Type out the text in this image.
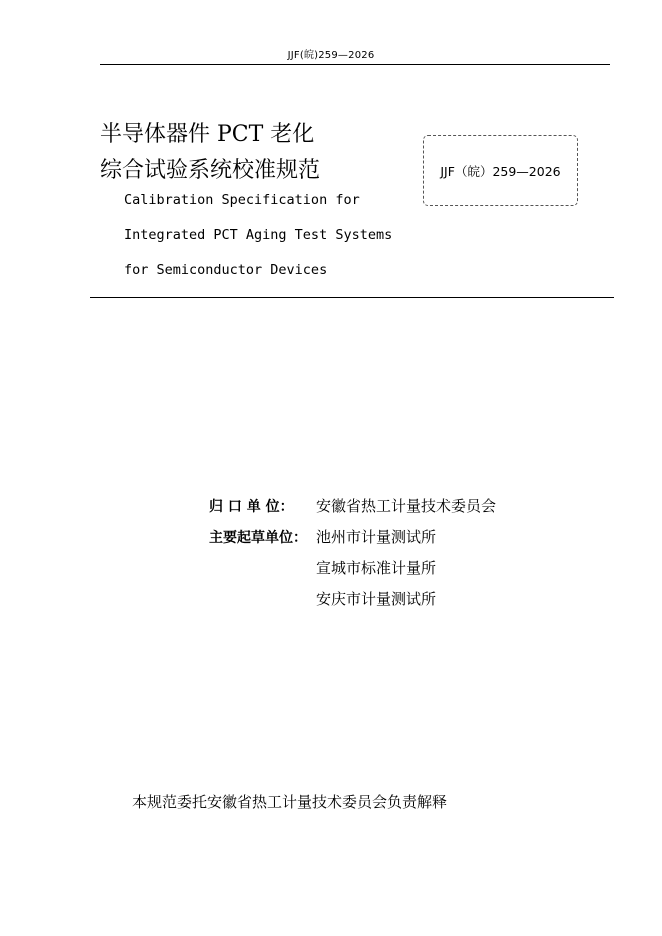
JJF(皖)259—2026
半导体器件 PCT 老化
综合试验系统校准规范
Calibration Specification for
Integrated PCT Aging Test Systems
for Semiconductor Devices
JJF（皖）259—2026
归 口 单 位： 安徽省热工计量技术委员会
主要起草单位： 池州市计量测试所
宣城市标准计量所
安庆市计量测试所
本规范委托安徽省热工计量技术委员会负责解释
